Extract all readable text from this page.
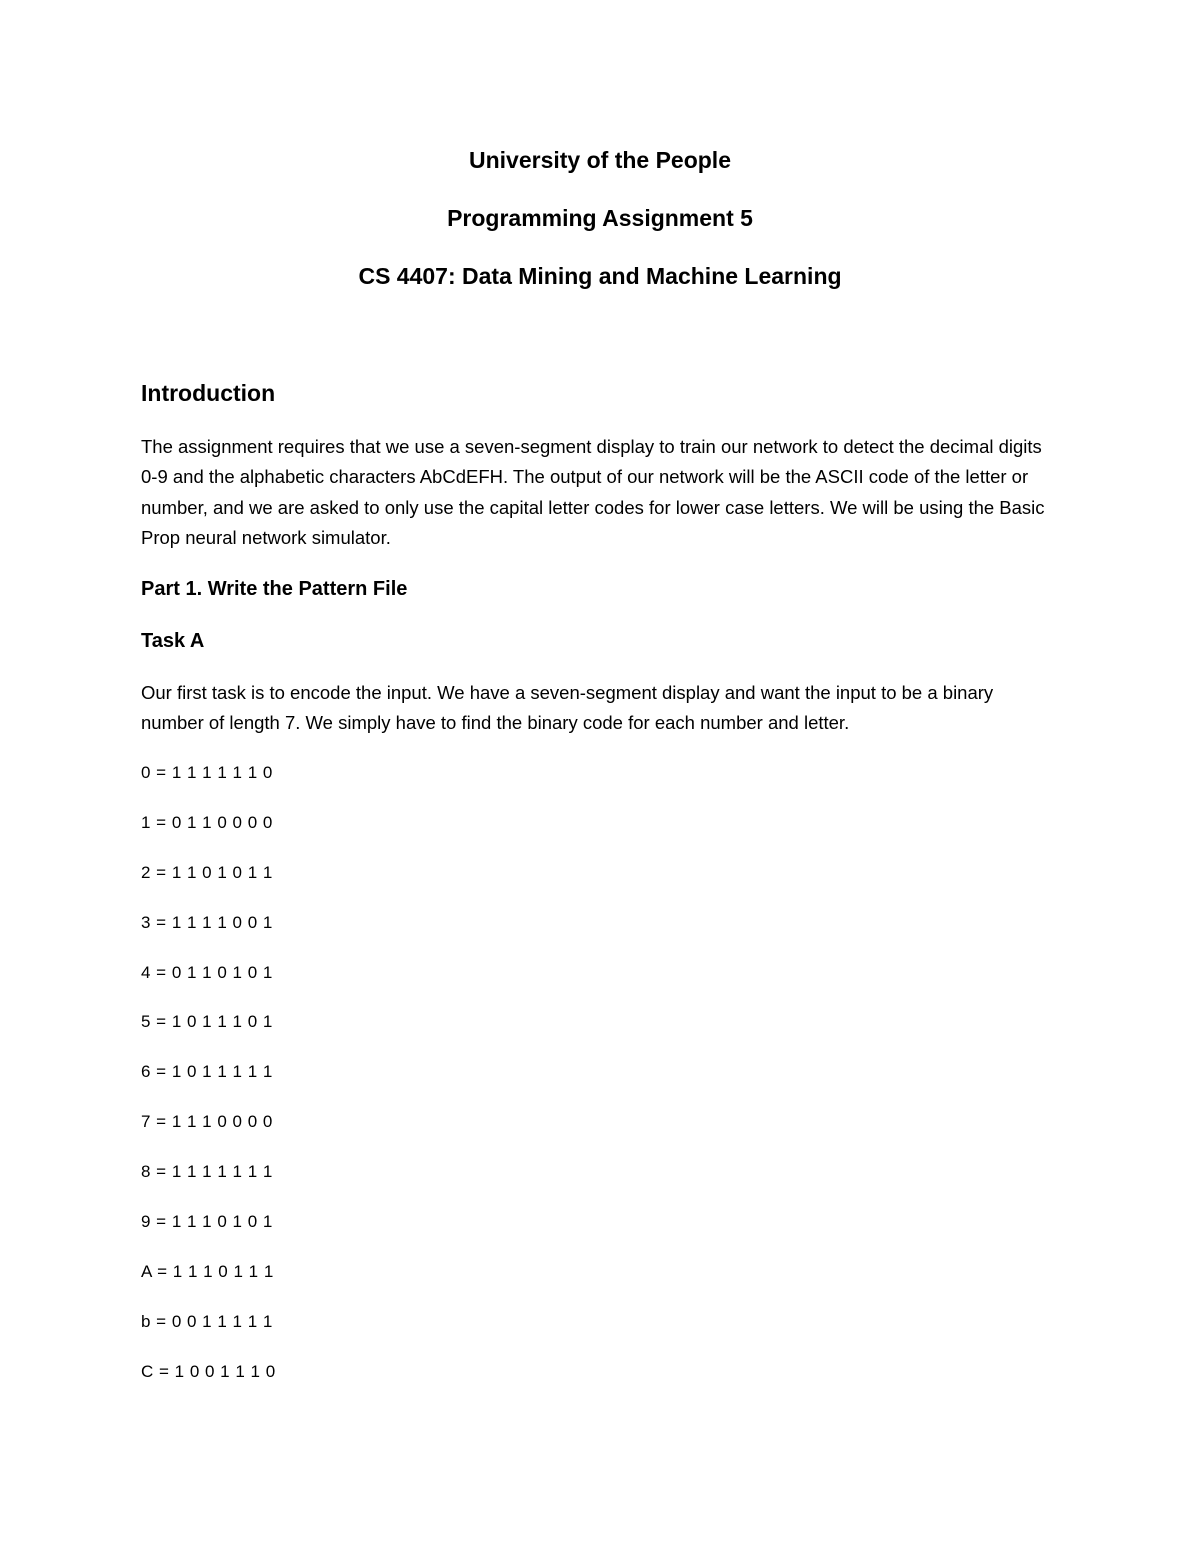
University of the People

Programming Assignment 5

CS 4407: Data Mining and Machine Learning

Introduction

The assignment requires that we use a seven-segment display to train our network to detect the decimal digits 0-9 and the alphabetic characters AbCdEFH. The output of our network will be the ASCII code of the letter or number, and we are asked to only use the capital letter codes for lower case letters. We will be using the Basic Prop neural network simulator.

Part 1. Write the Pattern File
Task A

Our first task is to encode the input. We have a seven-segment display and want the input to be a binary number of length 7. We simply have to find the binary code for each number and letter.

0 = 1 1 1 1 1 1 0
1 = 0 1 1 0 0 0 0
2 = 1 1 0 1 0 1 1
3 = 1 1 1 1 0 0 1
4 = 0 1 1 0 1 0 1
5 = 1 0 1 1 1 0 1
6 = 1 0 1 1 1 1 1
7 = 1 1 1 0 0 0 0
8 = 1 1 1 1 1 1 1
9 = 1 1 1 0 1 0 1
A = 1 1 1 0 1 1 1
b = 0 0 1 1 1 1 1
C = 1 0 0 1 1 1 0
